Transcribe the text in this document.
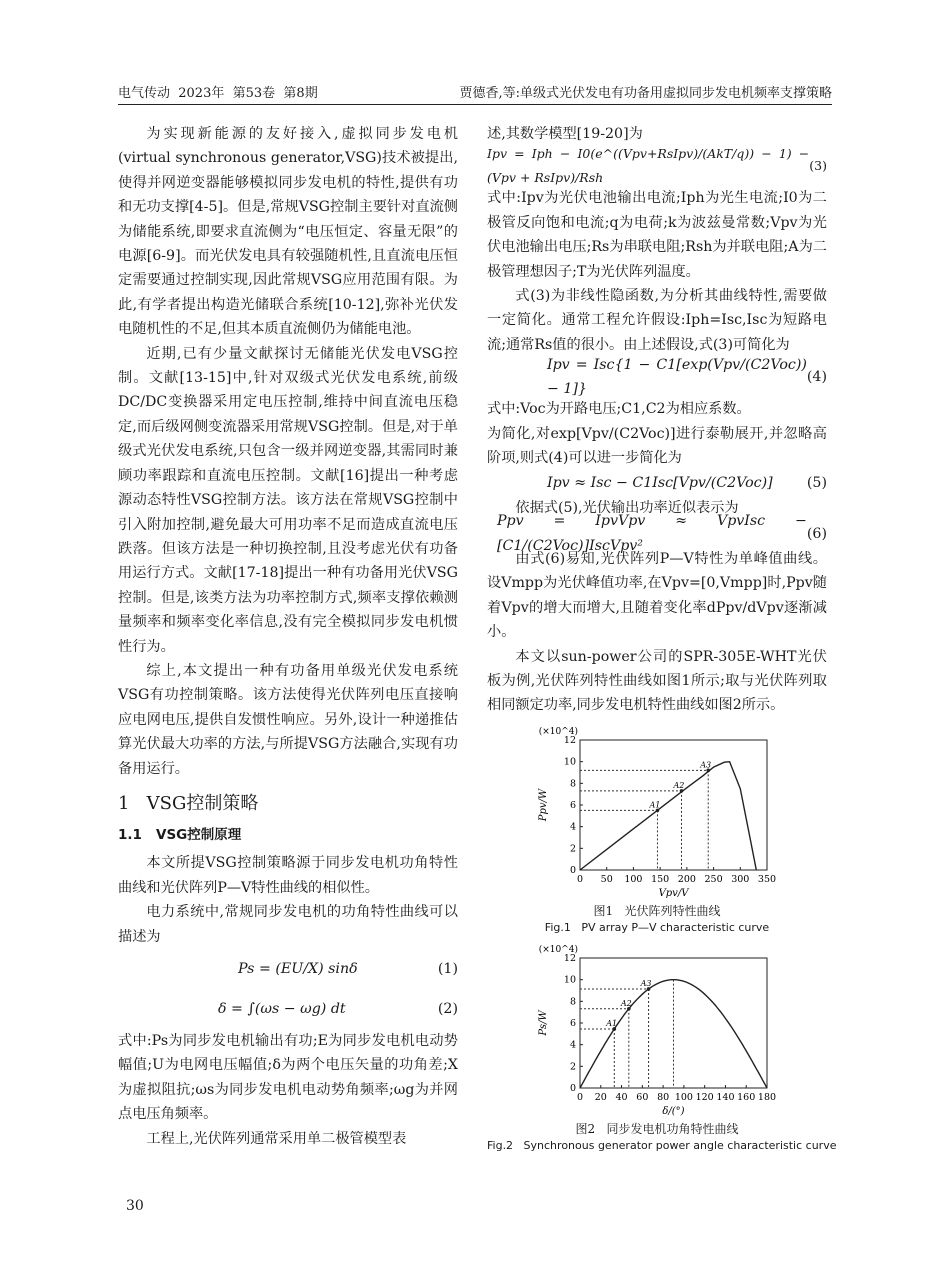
电气传动  2023年  第53卷  第8期	贾德香,等:单级式光伏发电有功备用虚拟同步发电机频率支撑策略

为实现新能源的友好接入,虚拟同步发电机(virtual synchronous generator,VSG)技术被提出,使得并网逆变器能够模拟同步发电机的特性,提供有功和无功支撑[4-5]。但是,常规VSG控制主要针对直流侧为储能系统,即要求直流侧为“电压恒定、容量无限”的电源[6-9]。而光伏发电具有较强随机性,且直流电压恒定需要通过控制实现,因此常规VSG应用范围有限。为此,有学者提出构造光储联合系统[10-12],弥补光伏发电随机性的不足,但其本质直流侧仍为储能电池。

近期,已有少量文献探讨无储能光伏发电VSG控制。文献[13-15]中,针对双级式光伏发电系统,前级DC/DC变换器采用定电压控制,维持中间直流电压稳定,而后级网侧变流器采用常规VSG控制。但是,对于单级式光伏发电系统,只包含一级并网逆变器,其需同时兼顾功率跟踪和直流电压控制。文献[16]提出一种考虑源动态特性VSG控制方法。该方法在常规VSG控制中引入附加控制,避免最大可用功率不足而造成直流电压跌落。但该方法是一种切换控制,且没考虑光伏有功备用运行方式。文献[17-18]提出一种有功备用光伏VSG控制。但是,该类方法为功率控制方式,频率支撑依赖测量频率和频率变化率信息,没有完全模拟同步发电机惯性行为。

综上,本文提出一种有功备用单级光伏发电系统VSG有功控制策略。该方法使得光伏阵列电压直接响应电网电压,提供自发惯性响应。另外,设计一种递推估算光伏最大功率的方法,与所提VSG方法融合,实现有功备用运行。

1   VSG控制策略
1.1   VSG控制原理

本文所提VSG控制策略源于同步发电机功角特性曲线和光伏阵列P—V特性曲线的相似性。

电力系统中,常规同步发电机的功角特性曲线可以描述为

Ps = (EU/X) sinδ	(1)
δ = ∫(ωs − ωg) dt	(2)

式中:Ps为同步发电机输出有功;E为同步发电机电动势幅值;U为电网电压幅值;δ为两个电压矢量的功角差;X为虚拟阻抗;ωs为同步发电机电动势角频率;ωg为并网点电压角频率。

工程上,光伏阵列通常采用单二极管模型表

30

述,其数学模型[19-20]为

Ipv = Iph − I0(e^((Vpv+RsIpv)/(AkT/q)) − 1) − (Vpv + RsIpv)/Rsh
(3)

式中:Ipv为光伏电池输出电流;Iph为光生电流;I0为二极管反向饱和电流;q为电荷;k为波兹曼常数;Vpv为光伏电池输出电压;Rs为串联电阻;Rsh为并联电阻;A为二极管理想因子;T为光伏阵列温度。

式(3)为非线性隐函数,为分析其曲线特性,需要做一定简化。通常工程允许假设:Iph=Isc,Isc为短路电流;通常Rs值的很小。由上述假设,式(3)可简化为

Ipv = Isc{1 − C1[exp(Vpv/(C2Voc)) − 1]}
(4)

式中:Voc为开路电压;C1,C2为相应系数。

为简化,对exp[Vpv/(C2Voc)]进行泰勒展开,并忽略高阶项,则式(4)可以进一步简化为

Ipv ≈ Isc − C1Isc[Vpv/(C2Voc)] (5)

依据式(5),光伏输出功率近似表示为

Ppv = IpvVpv ≈ VpvIsc − [C1/(C2Voc)]IscVpv²
(6)

由式(6)易知,光伏阵列P—V特性为单峰值曲线。设Vmpp为光伏峰值功率,在Vpv=[0,Vmpp]时,Ppv随着Vpv的增大而增大,且随着变化率dPpv/dVpv逐渐减小。

本文以sun-power公司的SPR-305E-WHT光伏板为例,光伏阵列特性曲线如图1所示;取与光伏阵列取相同额定功率,同步发电机特性曲线如图2所示。

(×10^4)
0 50 100 150 200 250 300 350
0
2
4
6
8
10
12
Vpv/V
Ppv/W	A1
A2
A3
图1   光伏阵列特性曲线
Fig.1   PV array P—V characteristic curve
(×10^4)
0 20 40 60 80 100 120 140 160 180
0
2
4
6
8
10
12
δ/(°)
Ps/W	A1
A2
A3
图2   同步发电机功角特性曲线
Fig.2   Synchronous generator power angle characteristic curve
